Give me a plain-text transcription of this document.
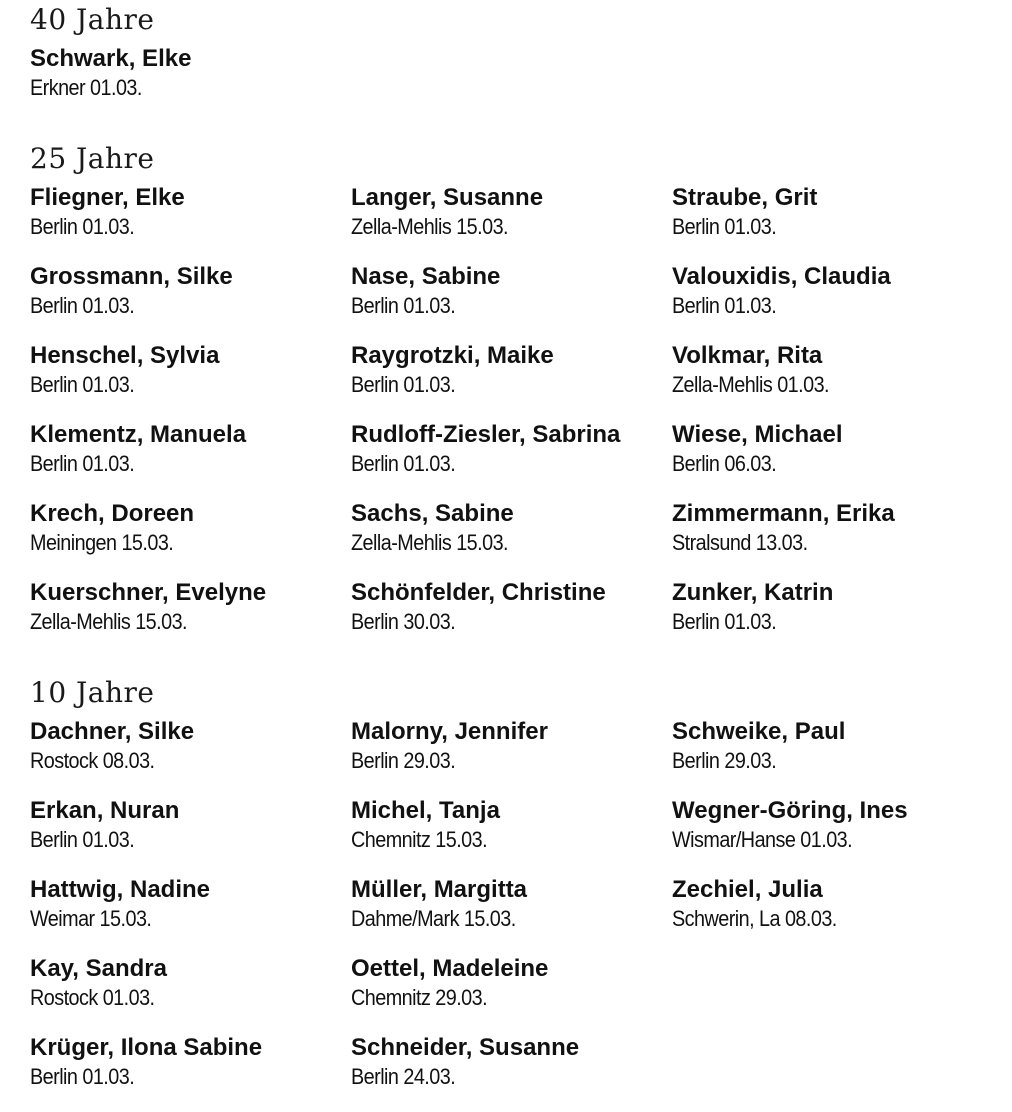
40 Jahre
Schwark, Elke
Erkner 01.03.
25 Jahre
Fliegner, Elke
Berlin 01.03.
Grossmann, Silke
Berlin 01.03.
Henschel, Sylvia
Berlin 01.03.
Klementz, Manuela
Berlin 01.03.
Krech, Doreen
Meiningen 15.03.
Kuerschner, Evelyne
Zella-Mehlis 15.03.
Langer, Susanne
Zella-Mehlis 15.03.
Nase, Sabine
Berlin 01.03.
Raygrotzki, Maike
Berlin 01.03.
Rudloff-Ziesler, Sabrina
Berlin 01.03.
Sachs, Sabine
Zella-Mehlis 15.03.
Schönfelder, Christine
Berlin 30.03.
Straube, Grit
Berlin 01.03.
Valouxidis, Claudia
Berlin 01.03.
Volkmar, Rita
Zella-Mehlis 01.03.
Wiese, Michael
Berlin 06.03.
Zimmermann, Erika
Stralsund 13.03.
Zunker, Katrin
Berlin 01.03.
10 Jahre
Dachner, Silke
Rostock 08.03.
Erkan, Nuran
Berlin 01.03.
Hattwig, Nadine
Weimar 15.03.
Kay, Sandra
Rostock 01.03.
Krüger, Ilona Sabine
Berlin 01.03.
Malorny, Jennifer
Berlin 29.03.
Michel, Tanja
Chemnitz 15.03.
Müller, Margitta
Dahme/Mark 15.03.
Oettel, Madeleine
Chemnitz 29.03.
Schneider, Susanne
Berlin 24.03.
Schweike, Paul
Berlin 29.03.
Wegner-Göring, Ines
Wismar/Hanse 01.03.
Zechiel, Julia
Schwerin, La 08.03.
